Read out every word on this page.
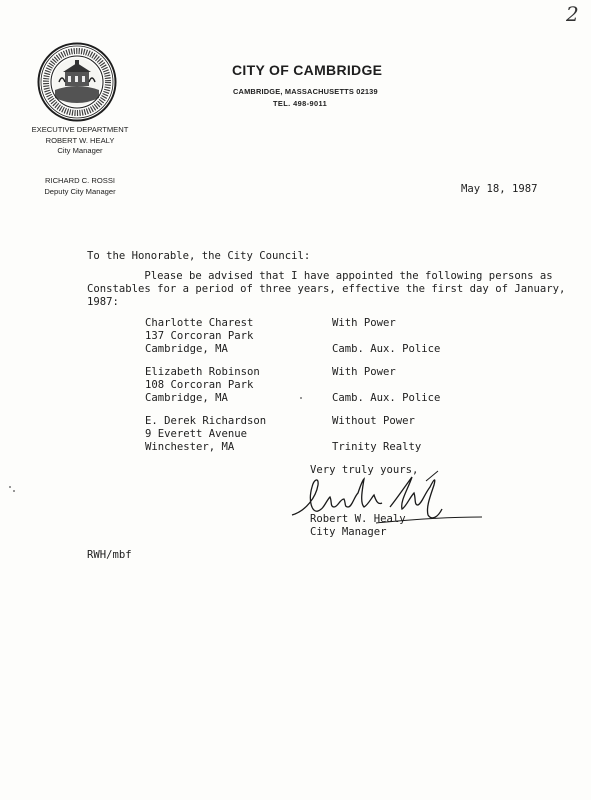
2
CITY OF CAMBRIDGE
CAMBRIDGE, MASSACHUSETTS 02139
TEL. 498-9011
EXECUTIVE DEPARTMENT
ROBERT W. HEALY
City Manager
RICHARD C. ROSSI
Deputy City Manager	May 18, 1987
To the Honorable, the City Council:
Please be advised that I have appointed the following persons as
Constables for a period of three years, effective the first day of January,
1987:
Charlotte Charest
137 Corcoran Park
Cambridge, MA
With Power
Camb. Aux. Police
Elizabeth Robinson
108 Corcoran Park
Cambridge, MA
With Power
Camb. Aux. Police
E. Derek Richardson
9 Everett Avenue
Winchester, MA
Without Power
Trinity Realty
Very truly yours,
Robert W. Healy
City Manager
RWH/mbf
